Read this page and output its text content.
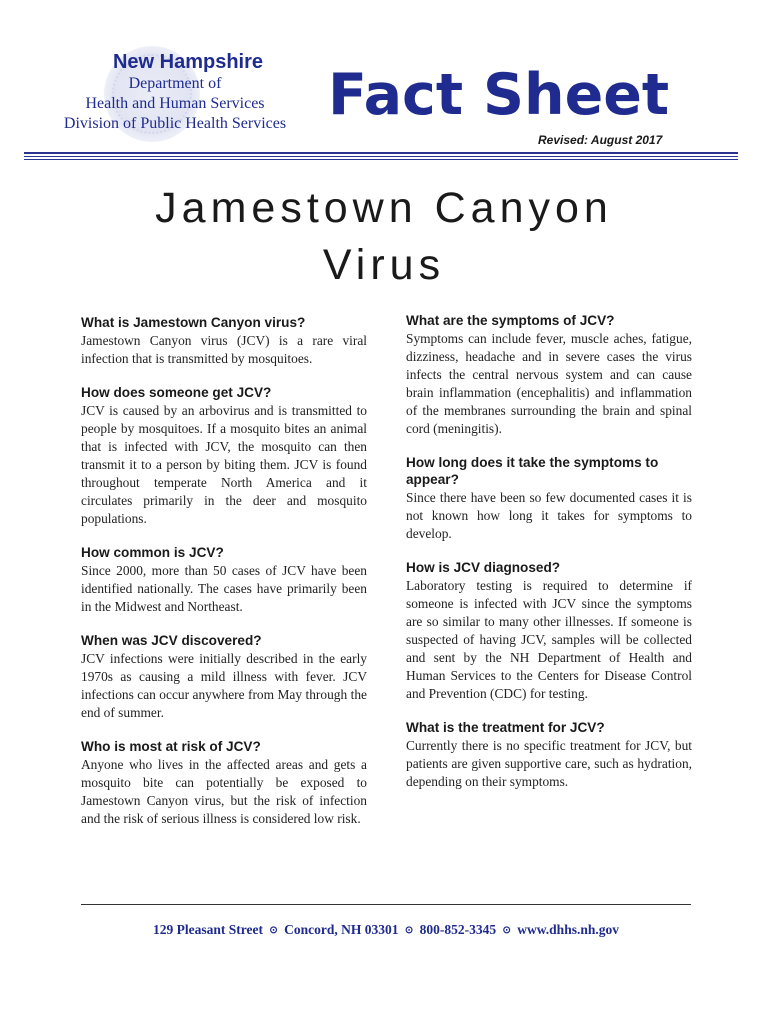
New Hampshire
Department of
Health and Human Services
Division of Public Health Services Fact Sheet
Revised: August 2017
Jamestown Canyon
Virus

What is Jamestown Canyon virus?

Jamestown Canyon virus (JCV) is a rare viral infection that is transmitted by mosquitoes.

How does someone get JCV?

JCV is caused by an arbovirus and is transmitted to people by mosquitoes. If a mosquito bites an animal that is infected with JCV, the mosquito can then transmit it to a person by biting them. JCV is found throughout temperate North America and it circulates primarily in the deer and mosquito populations.

How common is JCV?

Since 2000, more than 50 cases of JCV have been identified nationally. The cases have primarily been in the Midwest and Northeast.

When was JCV discovered?

JCV infections were initially described in the early 1970s as causing a mild illness with fever. JCV infections can occur anywhere from May through the end of summer.

Who is most at risk of JCV?

Anyone who lives in the affected areas and gets a mosquito bite can potentially be exposed to Jamestown Canyon virus, but the risk of infection and the risk of serious illness is considered low risk.

What are the symptoms of JCV?

Symptoms can include fever, muscle aches, fatigue, dizziness, headache and in severe cases the virus infects the central nervous system and can cause brain inflammation (encephalitis) and inflammation of the membranes surrounding the brain and spinal cord (meningitis).

How long does it take the symptoms to appear?

Since there have been so few documented cases it is not known how long it takes for symptoms to develop.

How is JCV diagnosed?

Laboratory testing is required to determine if someone is infected with JCV since the symptoms are so similar to many other illnesses. If someone is suspected of having JCV, samples will be collected and sent by the NH Department of Health and Human Services to the Centers for Disease Control and Prevention (CDC) for testing.

What is the treatment for JCV?

Currently there is no specific treatment for JCV, but patients are given supportive care, such as hydration, depending on their symptoms.

129 Pleasant Street ⊙ Concord, NH 03301 ⊙ 800-852-3345 ⊙ www.dhhs.nh.gov
